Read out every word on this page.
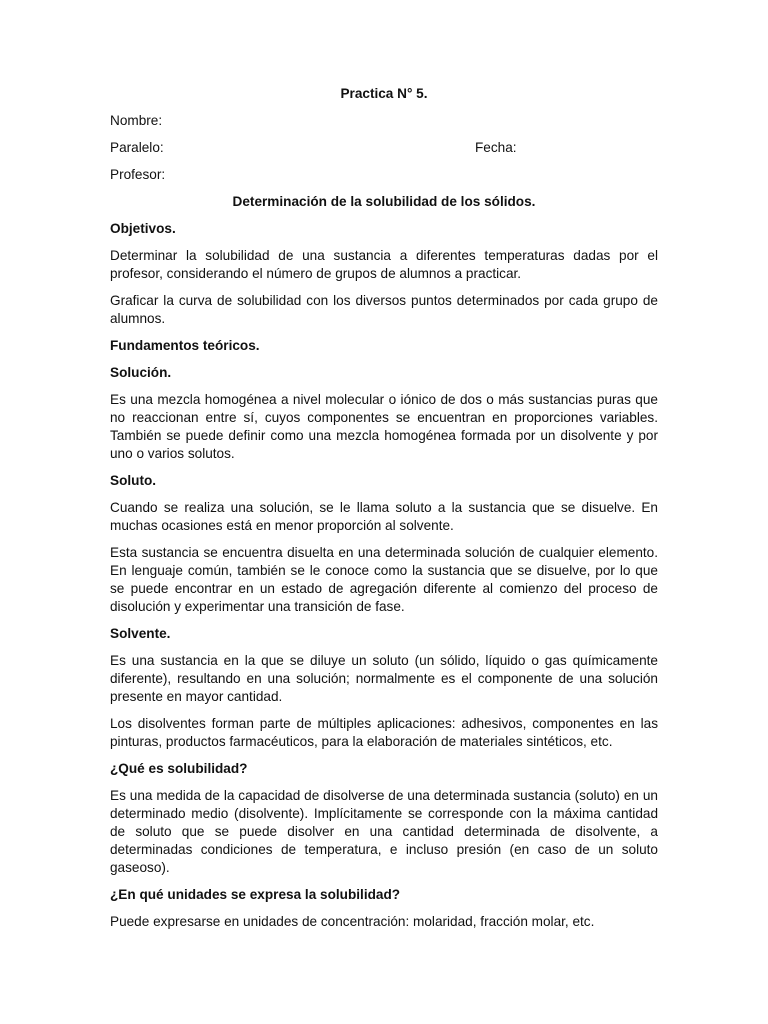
Practica N° 5.
Nombre:
Paralelo:	Fecha:
Profesor:
Determinación de la solubilidad de los sólidos.
Objetivos.
Determinar la solubilidad de una sustancia a diferentes temperaturas dadas por el profesor, considerando el número de grupos de alumnos a practicar.
Graficar la curva de solubilidad con los diversos puntos determinados por cada grupo de alumnos.
Fundamentos teóricos.
Solución.
Es una mezcla homogénea a nivel molecular o iónico de dos o más sustancias puras que no reaccionan entre sí, cuyos componentes se encuentran en proporciones variables. También se puede definir como una mezcla homogénea formada por un disolvente y por uno o varios solutos.
Soluto.
Cuando se realiza una solución, se le llama soluto a la sustancia que se disuelve. En muchas ocasiones está en menor proporción al solvente.
Esta sustancia se encuentra disuelta en una determinada solución de cualquier elemento. En lenguaje común, también se le conoce como la sustancia que se disuelve, por lo que se puede encontrar en un estado de agregación diferente al comienzo del proceso de disolución y experimentar una transición de fase.
Solvente.
Es una sustancia en la que se diluye un soluto (un sólido, líquido o gas químicamente diferente), resultando en una solución; normalmente es el componente de una solución presente en mayor cantidad.
Los disolventes forman parte de múltiples aplicaciones: adhesivos, componentes en las pinturas, productos farmacéuticos, para la elaboración de materiales sintéticos, etc.
¿Qué es solubilidad?
Es una medida de la capacidad de disolverse de una determinada sustancia (soluto) en un determinado medio (disolvente). Implícitamente se corresponde con la máxima cantidad de soluto que se puede disolver en una cantidad determinada de disolvente, a determinadas condiciones de temperatura, e incluso presión (en caso de un soluto gaseoso).
¿En qué unidades se expresa la solubilidad?
Puede expresarse en unidades de concentración: molaridad, fracción molar, etc.
